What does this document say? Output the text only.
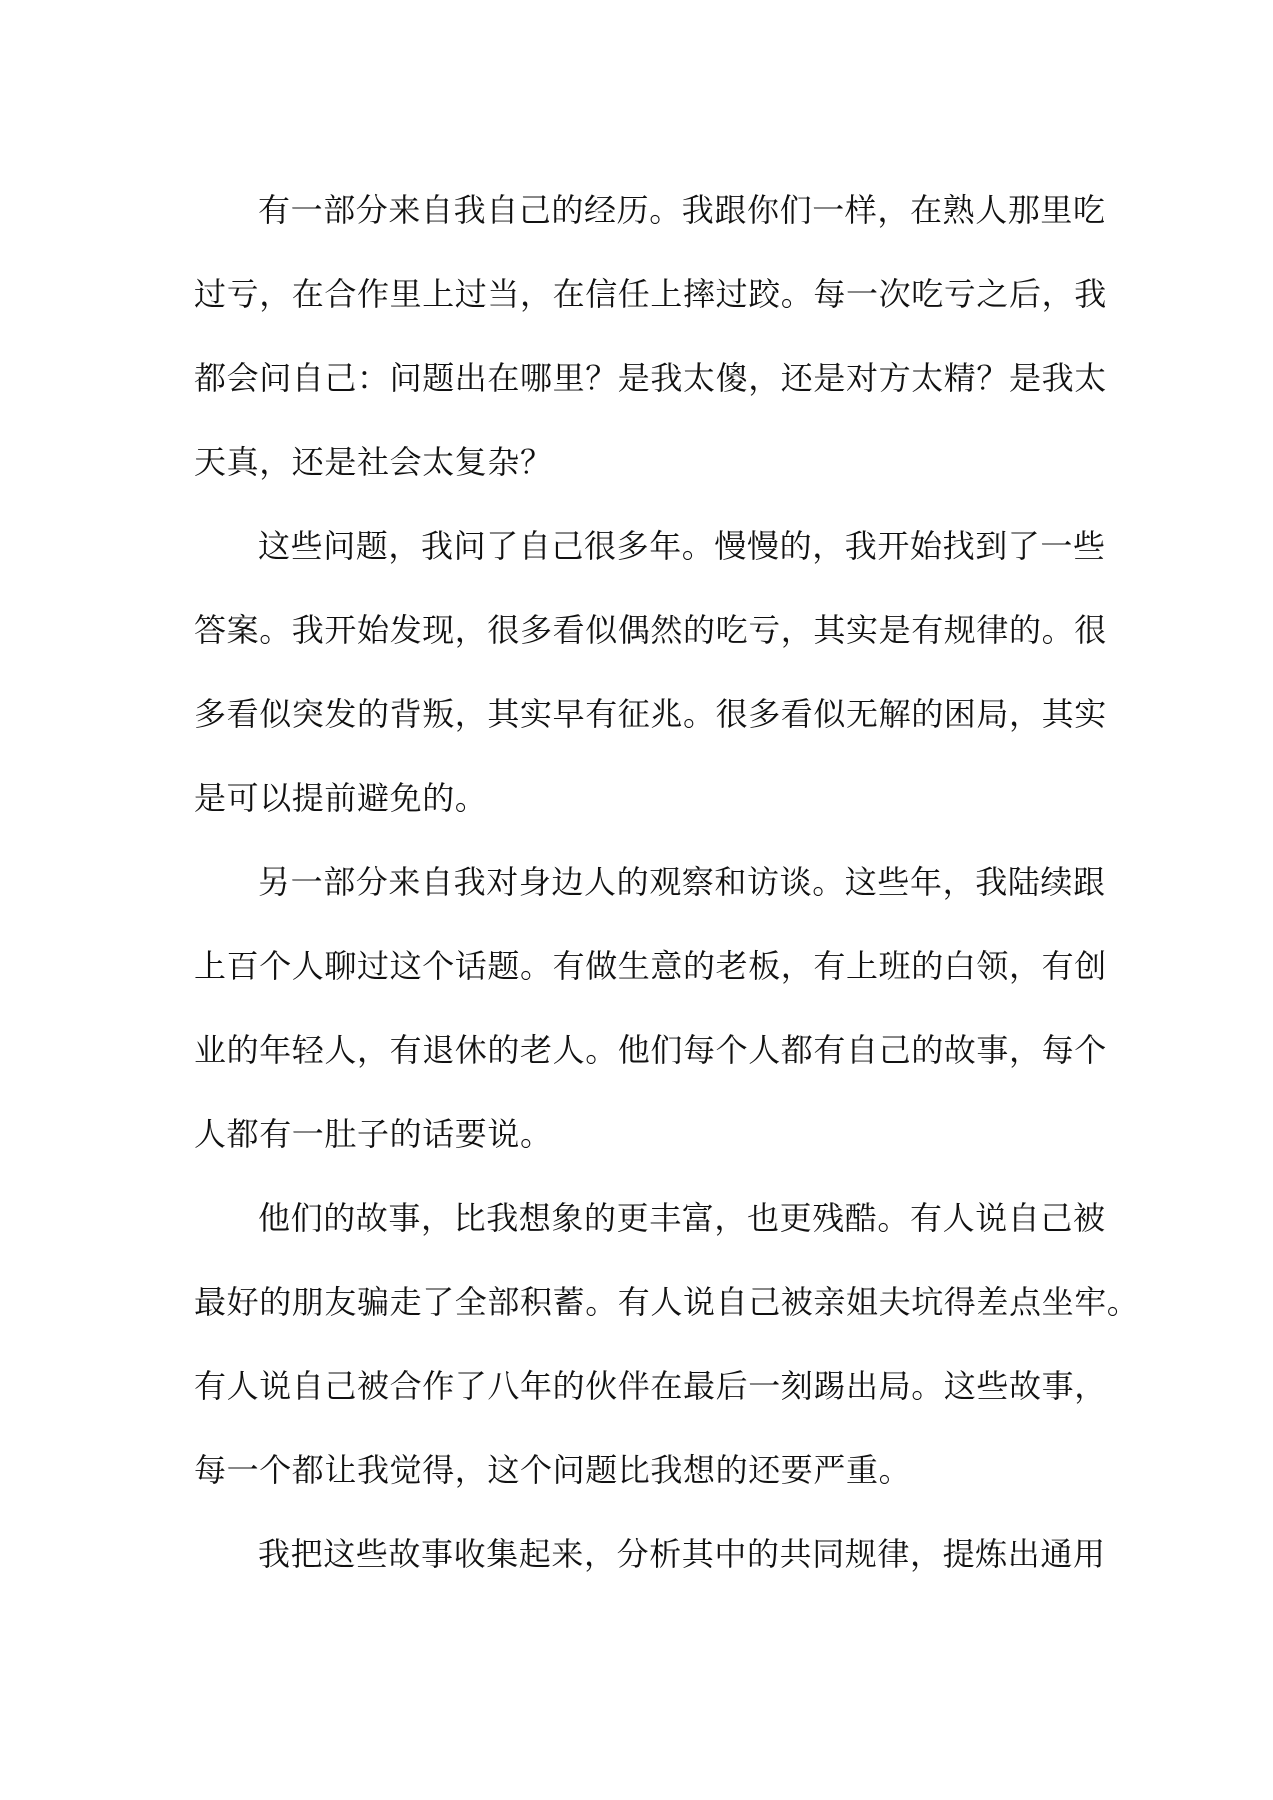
有一部分来自我自己的经历。我跟你们一样，在熟人那里吃
过亏，在合作里上过当，在信任上摔过跤。每一次吃亏之后，我
都会问自己：问题出在哪里？是我太傻，还是对方太精？是我太
天真，还是社会太复杂？

这些问题，我问了自己很多年。慢慢的，我开始找到了一些
答案。我开始发现，很多看似偶然的吃亏，其实是有规律的。很
多看似突发的背叛，其实早有征兆。很多看似无解的困局，其实
是可以提前避免的。

另一部分来自我对身边人的观察和访谈。这些年，我陆续跟
上百个人聊过这个话题。有做生意的老板，有上班的白领，有创
业的年轻人，有退休的老人。他们每个人都有自己的故事，每个
人都有一肚子的话要说。

他们的故事，比我想象的更丰富，也更残酷。有人说自己被
最好的朋友骗走了全部积蓄。有人说自己被亲姐夫坑得差点坐牢。
有人说自己被合作了八年的伙伴在最后一刻踢出局。这些故事，
每一个都让我觉得，这个问题比我想的还要严重。

我把这些故事收集起来，分析其中的共同规律，提炼出通用
